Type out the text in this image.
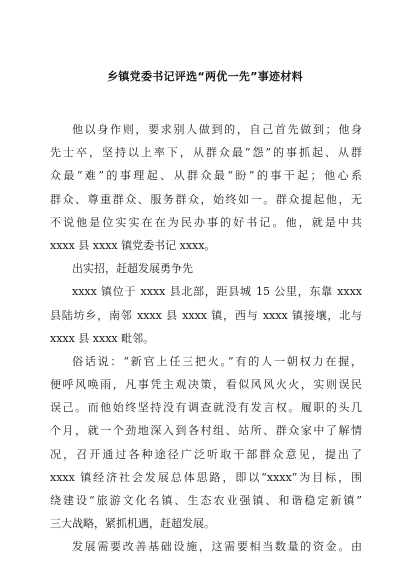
乡镇党委书记评选“两优一先”事迹材料
他以身作则，要求别人做到的，自己首先做到；他身
先士卒，坚持以上率下，从群众最“怨”的事抓起、从群
众最“难”的事理起、从群众最“盼”的事干起；他心系
群众、尊重群众、服务群众，始终如一。群众提起他，无
不说他是位实实在在为民办事的好书记。他，就是中共
xxxx 县 xxxx 镇党委书记 xxxx。
出实招，赶超发展勇争先
xxxx 镇位于 xxxx 县北部，距县城 15 公里，东靠 xxxx
县陆坊乡，南邻 xxxx 县 xxxx 镇，西与 xxxx 镇接壤，北与
xxxx 县 xxxx 毗邻。
俗话说：“新官上任三把火。”有的人一朝权力在握，
便呼风唤雨，凡事凭主观决策，看似风风火火，实则误民
误己。而他始终坚持没有调查就没有发言权。履职的头几
个月，就一个劲地深入到各村组、站所、群众家中了解情
况，召开通过各种途径广泛听取干部群众意见，提出了
xxxx 镇经济社会发展总体思路，即以“xxxx”为目标，围
绕建设“旅游文化名镇、生态农业强镇、和谐稳定新镇”
三大战略，紧抓机遇，赶超发展。
发展需要改善基础设施，这需要相当数量的资金。由
